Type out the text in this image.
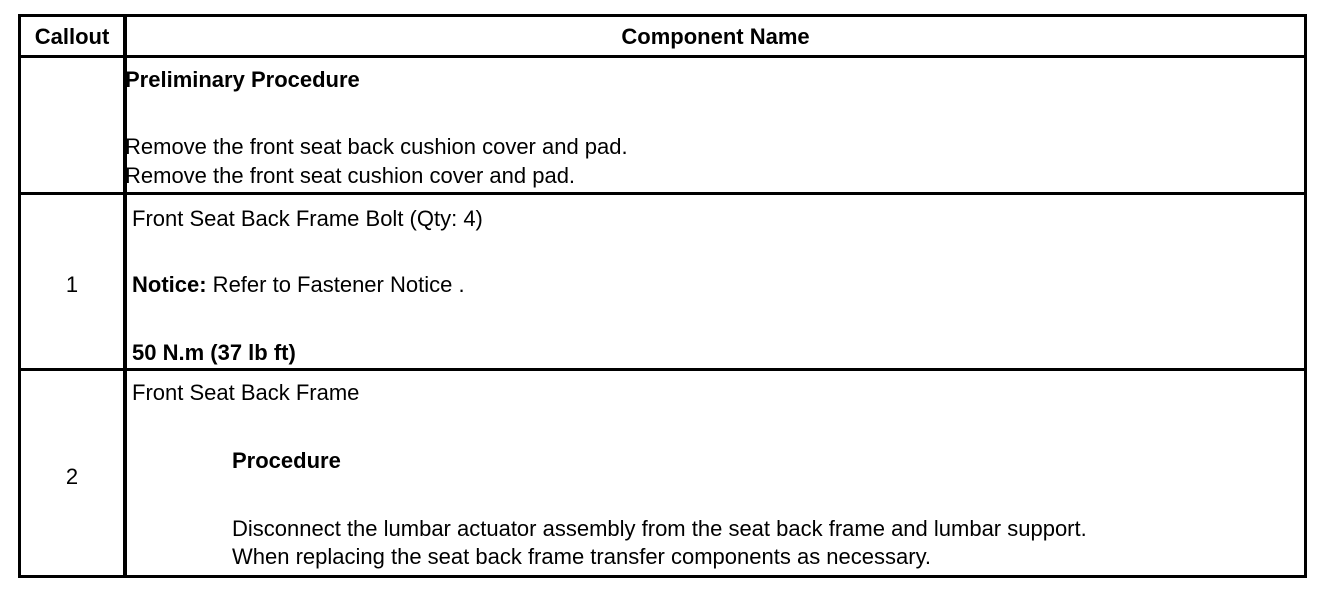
Callout	Component Name
Preliminary Procedure
Remove the front seat back cushion cover and pad.
Remove the front seat cushion cover and pad.
1
Front Seat Back Frame Bolt (Qty: 4)
Notice: Refer to Fastener Notice .
50 N.m (37 lb ft)
2
Front Seat Back Frame
Procedure
Disconnect the lumbar actuator assembly from the seat back frame and lumbar support.
When replacing the seat back frame transfer components as necessary.
